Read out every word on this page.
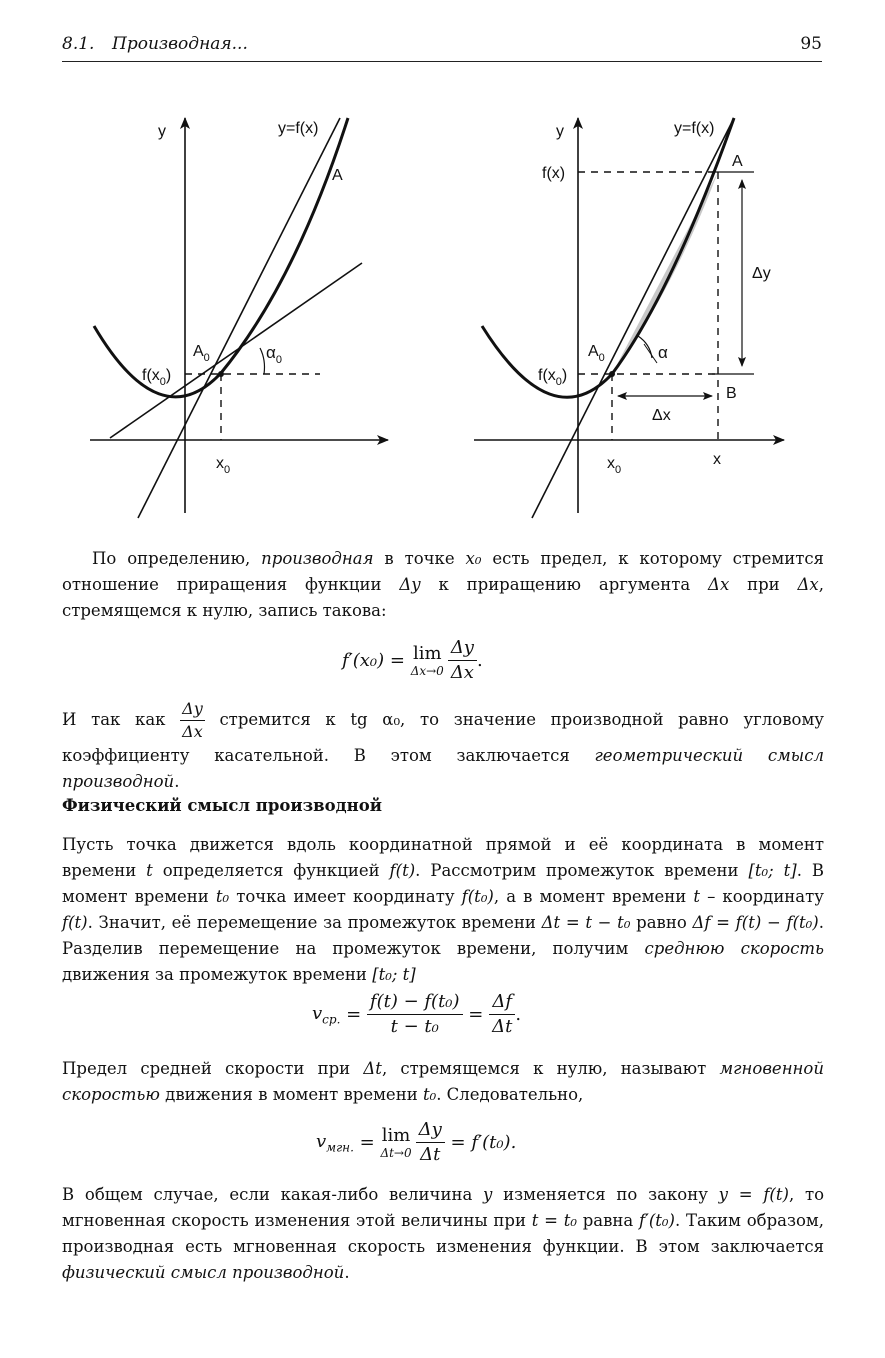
8.1. Производная...	95
y	y=f(x)
A
$A_0$	$\alpha_0$
$f(x_0)$
$x_0$
y	y=f(x)
f(x)
A
Δy
$A_0$	α
$f(x_0)$
B
Δx
$x_0$
x

По определению, производная в точке x₀ есть предел, к которому стремится отношение приращения функции Δy к приращению аргумента Δx при Δx, стремящемся к нулю, запись такова:

f′(x₀) = lim
$\Delta x\to 0 \frac{\Delta y}{\Delta x}$ .

И так как $\frac{\Delta y}{\Delta x}$ стремится к tg α₀, то значение производной равно угловому коэффициенту касательной. В этом заключается геометрический смысл производной.

Физический смысл производной

Пусть точка движется вдоль координатной прямой и её координата в момент времени t определяется функцией f(t). Рассмотрим промежуток времени [t₀; t]. В момент времени t₀ точка имеет координату f(t₀), а в момент времени t – координату f(t). Значит, её перемещение за промежуток времени Δt = t − t₀ равно Δf = f(t) − f(t₀). Разделив перемещение на промежуток времени, получим среднюю скорость движения за промежуток времени [t₀; t]

$v_{ср.} = \frac{\text{f(t) − f(t₀)}}{\text{t − t₀}} = \frac{\Delta f}{\Delta t}$ .

Предел средней скорости при Δt, стремящемся к нулю, называют мгновенной скоростью движения в момент времени t₀. Следовательно,

$v_{мгн.} = \lim$
$\Delta t\to 0 \frac{\Delta y}{\Delta t} = f'(t_0)$.

В общем случае, если какая-либо величина y изменяется по закону y = f(t), то мгновенная скорость изменения этой величины при t = t₀ равна f′(t₀). Таким образом, производная есть мгновенная скорость изменения функции. В этом заключается физический смысл производной.
